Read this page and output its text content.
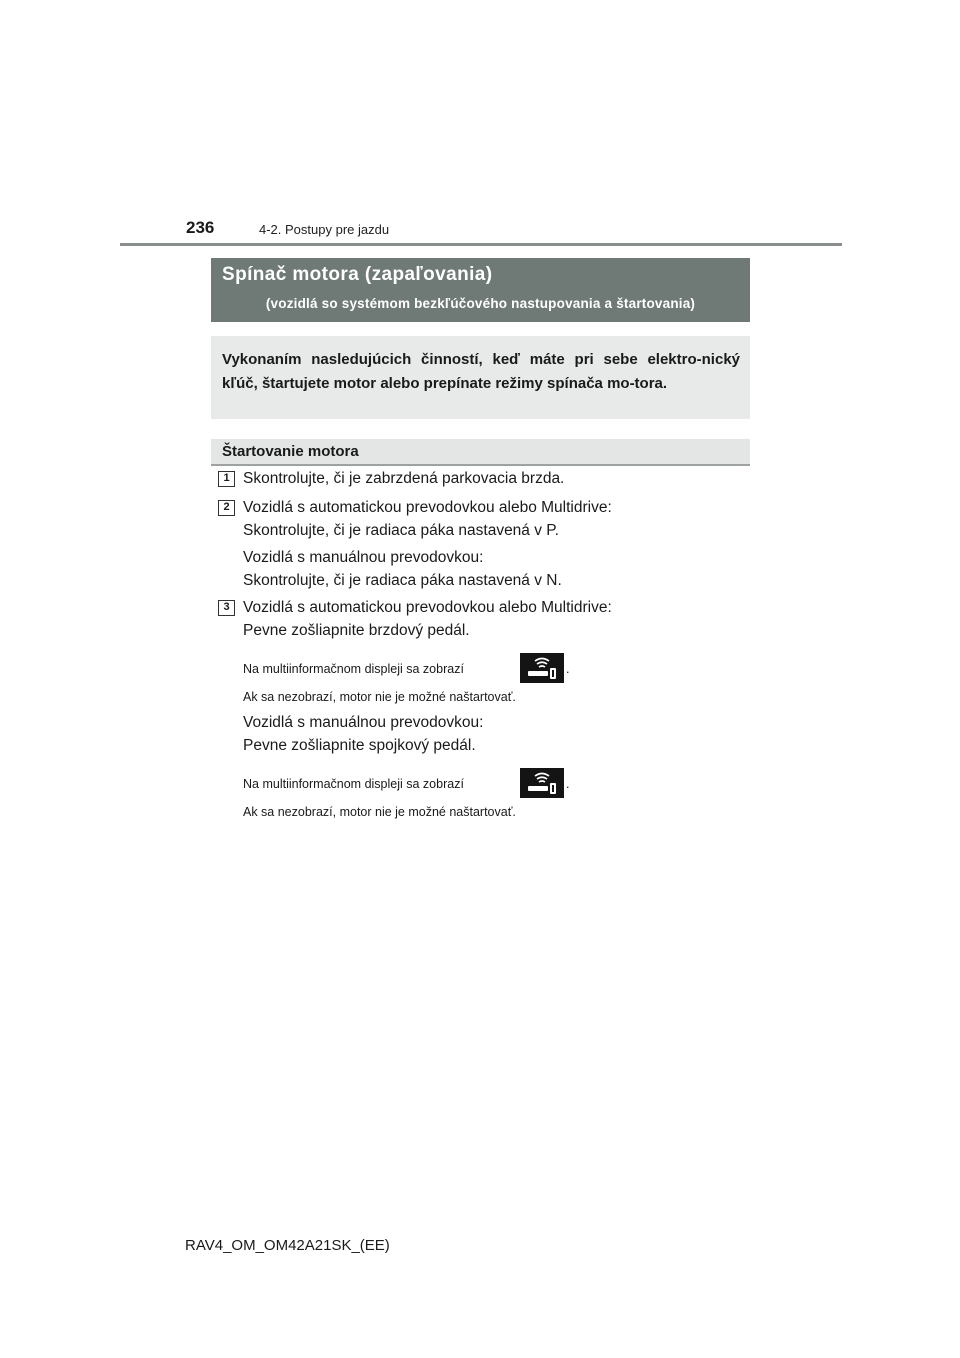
236	4-2. Postupy pre jazdu
Spínač motora (zapaľovania)
(vozidlá so systémom bezkľúčového nastupovania a štartovania)
Vykonaním nasledujúcich činností, keď máte pri sebe elektro-nický kľúč, štartujete motor alebo prepínate režimy spínača mo-tora.
Štartovanie motora
1 Skontrolujte, či je zabrzdená parkovacia brzda.
2 Vozidlá s automatickou prevodovkou alebo Multidrive:
Skontrolujte, či je radiaca páka nastavená v P.
Vozidlá s manuálnou prevodovkou:
Skontrolujte, či je radiaca páka nastavená v N.
3 Vozidlá s automatickou prevodovkou alebo Multidrive:
Pevne zošliapnite brzdový pedál.
Na multiinformačnom displeji sa zobrazí	.
Ak sa nezobrazí, motor nie je možné naštartovať.
Vozidlá s manuálnou prevodovkou:
Pevne zošliapnite spojkový pedál.
Na multiinformačnom displeji sa zobrazí	.
Ak sa nezobrazí, motor nie je možné naštartovať.
RAV4_OM_OM42A21SK_(EE)
